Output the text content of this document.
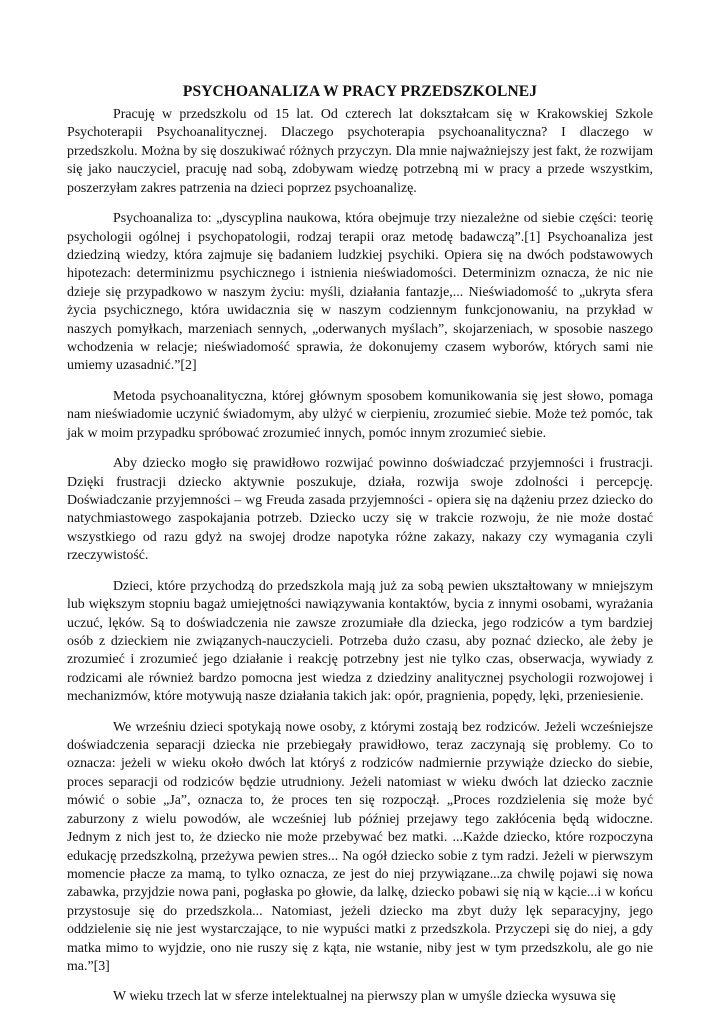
PSYCHOANALIZA W PRACY PRZEDSZKOLNEJ

Pracuję w przedszkolu od 15 lat. Od czterech lat dokształcam się w Krakowskiej Szkole Psychoterapii Psychoanalitycznej. Dlaczego psychoterapia psychoanalityczna? I dlaczego w przedszkolu. Można by się doszukiwać różnych przyczyn. Dla mnie najważniejszy jest fakt, że rozwijam się jako nauczyciel, pracuję nad sobą, zdobywam wiedzę potrzebną mi w pracy a przede wszystkim, poszerzyłam zakres patrzenia na dzieci poprzez psychoanalizę.

Psychoanaliza to: „dyscyplina naukowa, która obejmuje trzy niezależne od siebie części: teorię psychologii ogólnej i psychopatologii, rodzaj terapii oraz metodę badawczą”.[1] Psychoanaliza jest dziedziną wiedzy, która zajmuje się badaniem ludzkiej psychiki. Opiera się na dwóch podstawowych hipotezach: determinizmu psychicznego i istnienia nieświadomości. Determinizm oznacza, że nic nie dzieje się przypadkowo w naszym życiu: myśli, działania fantazje,... Nieświadomość to „ukryta sfera życia psychicznego, która uwidacznia się w naszym codziennym funkcjonowaniu, na przykład w naszych pomyłkach, marzeniach sennych, „oderwanych myślach”, skojarzeniach, w sposobie naszego wchodzenia w relacje; nieświadomość sprawia, że dokonujemy czasem wyborów, których sami nie umiemy uzasadnić.”[2]

Metoda psychoanalityczna, której głównym sposobem komunikowania się jest słowo, pomaga nam nieświadomie uczynić świadomym, aby ulżyć w cierpieniu, zrozumieć siebie. Może też pomóc, tak jak w moim przypadku spróbować zrozumieć innych, pomóc innym zrozumieć siebie.

Aby dziecko mogło się prawidłowo rozwijać powinno doświadczać przyjemności i frustracji. Dzięki frustracji dziecko aktywnie poszukuje, działa, rozwija swoje zdolności i percepcję. Doświadczanie przyjemności – wg Freuda zasada przyjemności - opiera się na dążeniu przez dziecko do natychmiastowego zaspokajania potrzeb. Dziecko uczy się w trakcie rozwoju, że nie może dostać wszystkiego od razu gdyż na swojej drodze napotyka różne zakazy, nakazy czy wymagania czyli rzeczywistość.

Dzieci, które przychodzą do przedszkola mają już za sobą pewien ukształtowany w mniejszym lub większym stopniu bagaż umiejętności nawiązywania kontaktów, bycia z innymi osobami, wyrażania uczuć, lęków. Są to doświadczenia nie zawsze zrozumiałe dla dziecka, jego rodziców a tym bardziej osób z dzieckiem nie związanych-nauczycieli. Potrzeba dużo czasu, aby poznać dziecko, ale żeby je zrozumieć i zrozumieć jego działanie i reakcję potrzebny jest nie tylko czas, obserwacja, wywiady z rodzicami ale również bardzo pomocna jest wiedza z dziedziny analitycznej psychologii rozwojowej i mechanizmów, które motywują nasze działania takich jak: opór, pragnienia, popędy, lęki, przeniesienie.

We wrześniu dzieci spotykają nowe osoby, z którymi zostają bez rodziców. Jeżeli wcześniejsze doświadczenia separacji dziecka nie przebiegały prawidłowo, teraz zaczynają się problemy. Co to oznacza: jeżeli w wieku około dwóch lat któryś z rodziców nadmiernie przywiąże dziecko do siebie, proces separacji od rodziców będzie utrudniony. Jeżeli natomiast w wieku dwóch lat dziecko zacznie mówić o sobie „Ja”, oznacza to, że proces ten się rozpoczął. „Proces rozdzielenia się może być zaburzony z wielu powodów, ale wcześniej lub później przejawy tego zakłócenia będą widoczne. Jednym z nich jest to, że dziecko nie może przebywać bez matki. ...Każde dziecko, które rozpoczyna edukację przedszkolną, przeżywa pewien stres... Na ogół dziecko sobie z tym radzi. Jeżeli w pierwszym momencie płacze za mamą, to tylko oznacza, ze jest do niej przywiązane...za chwilę pojawi się nowa zabawka, przyjdzie nowa pani, pogłaska po głowie, da lalkę, dziecko pobawi się nią w kącie...i w końcu przystosuje się do przedszkola... Natomiast, jeżeli dziecko ma zbyt duży lęk separacyjny, jego oddzielenie się nie jest wystarczające, to nie wypuści matki z przedszkola. Przyczepi się do niej, a gdy matka mimo to wyjdzie, ono nie ruszy się z kąta, nie wstanie, niby jest w tym przedszkolu, ale go nie ma.”[3]

W wieku trzech lat w sferze intelektualnej na pierwszy plan w umyśle dziecka wysuwa się
